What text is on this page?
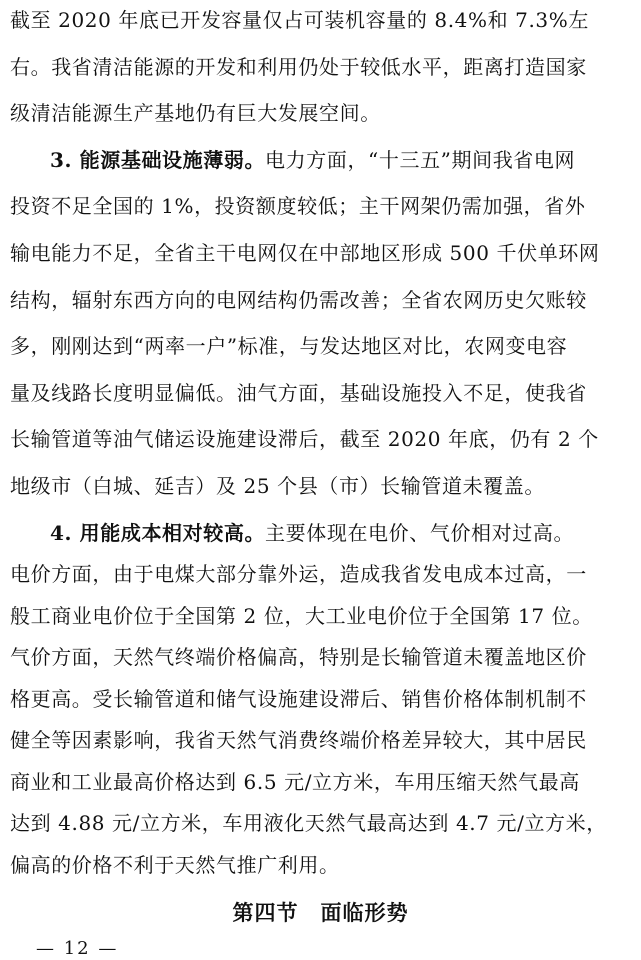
截至 2020 年底已开发容量仅占可装机容量的 8.4%和 7.3%左
右。我省清洁能源的开发和利用仍处于较低水平，距离打造国家
级清洁能源生产基地仍有巨大发展空间。
3. 能源基础设施薄弱。电力方面，“十三五”期间我省电网
投资不足全国的 1%，投资额度较低；主干网架仍需加强，省外
输电能力不足，全省主干电网仅在中部地区形成 500 千伏单环网
结构，辐射东西方向的电网结构仍需改善；全省农网历史欠账较
多，刚刚达到“两率一户”标准，与发达地区对比，农网变电容
量及线路长度明显偏低。油气方面，基础设施投入不足，使我省
长输管道等油气储运设施建设滞后，截至 2020 年底，仍有 2 个
地级市（白城、延吉）及 25 个县（市）长输管道未覆盖。
4. 用能成本相对较高。主要体现在电价、气价相对过高。
电价方面，由于电煤大部分靠外运，造成我省发电成本过高，一
般工商业电价位于全国第 2 位，大工业电价位于全国第 17 位。
气价方面，天然气终端价格偏高，特别是长输管道未覆盖地区价
格更高。受长输管道和储气设施建设滞后、销售价格体制机制不
健全等因素影响，我省天然气消费终端价格差异较大，其中居民
商业和工业最高价格达到 6.5 元/立方米，车用压缩天然气最高
达到 4.88 元/立方米，车用液化天然气最高达到 4.7 元/立方米，
偏高的价格不利于天然气推广利用。
第四节　面临形势
— 12 —
